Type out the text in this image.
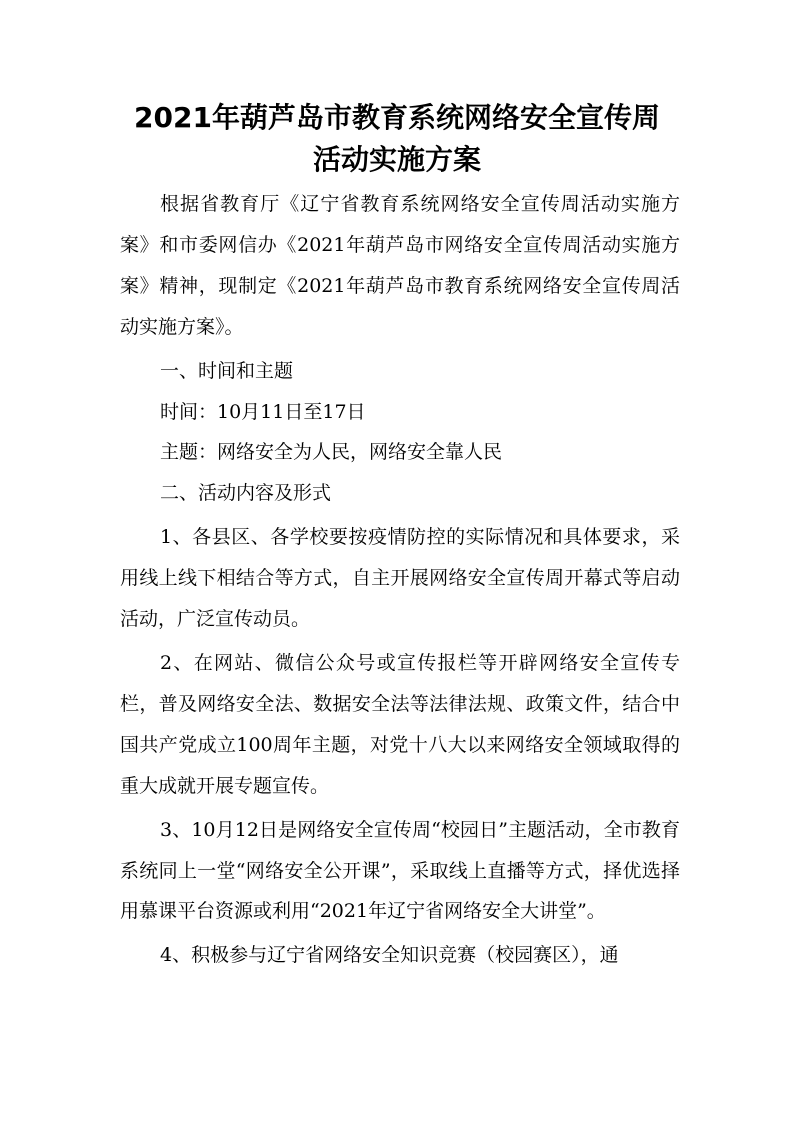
2021年葫芦岛市教育系统网络安全宣传周
活动实施方案

根据省教育厅《辽宁省教育系统网络安全宣传周活动实施方案》和市委网信办《2021年葫芦岛市网络安全宣传周活动实施方案》精神，现制定《2021年葫芦岛市教育系统网络安全宣传周活动实施方案》。

一、时间和主题

时间：10月11日至17日

主题：网络安全为人民，网络安全靠人民

二、活动内容及形式

1、各县区、各学校要按疫情防控的实际情况和具体要求，采用线上线下相结合等方式，自主开展网络安全宣传周开幕式等启动活动，广泛宣传动员。

2、在网站、微信公众号或宣传报栏等开辟网络安全宣传专栏，普及网络安全法、数据安全法等法律法规、政策文件，结合中国共产党成立100周年主题，对党十八大以来网络安全领域取得的重大成就开展专题宣传。

3、10月12日是网络安全宣传周“校园日”主题活动，全市教育系统同上一堂“网络安全公开课”，采取线上直播等方式，择优选择用慕课平台资源或利用“2021年辽宁省网络安全大讲堂”。

4、积极参与辽宁省网络安全知识竞赛（校园赛区），通
